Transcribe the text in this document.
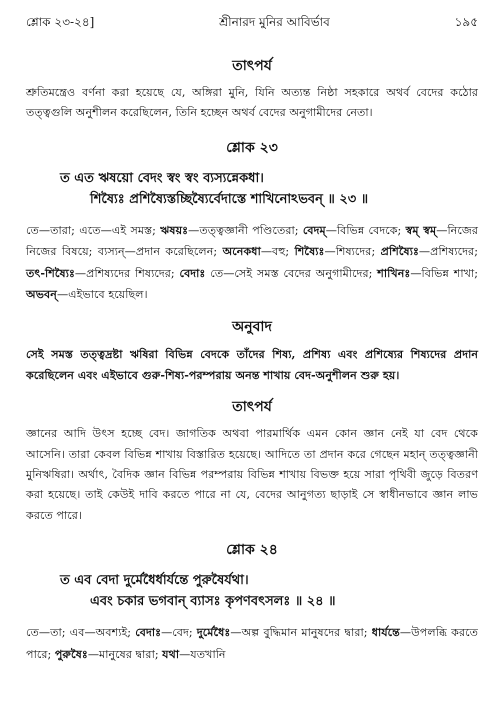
শ্লোক ২৩-২৪]	শ্রীনারদ মুনির আবির্ভাব	১৯৫

তাৎপর্য

শ্রুতিমন্ত্রেও বর্ণনা করা হয়েছে যে, অঙ্গিরা মুনি, যিনি অত্যন্ত নিষ্ঠা সহকারে অথর্ব বেদের কঠোর তত্ত্বগুলি অনুশীলন করেছিলেন, তিনি হচ্ছেন অথর্ব বেদের অনুগামীদের নেতা।

শ্লোক ২৩

ত এত ঋষয়ো বেদং স্বং স্বং ব্যস্যন্নেকধা।

শিষ্যৈঃ প্রশিষ্যৈস্তচ্ছিষ্যৈর্বেদাস্তে শাখিনোঽভবন্ ॥ ২৩ ॥

তে—তারা; এতে—এই সমস্ত; ঋষয়ঃ—তত্ত্বজ্ঞানী পণ্ডিতেরা; বেদম্—বিভিন্ন বেদকে; স্বম্ স্বম্—নিজের নিজের বিষয়ে; ব্যস্যন্—প্রদান করেছিলেন; অনেকধা—বহু; শিষ্যৈঃ—শিষ্যদের; প্রশিষ্যৈঃ—প্রশিষ্যদের; তৎ-শিষ্যৈঃ—প্রশিষ্যদের শিষ্যদের; বেদাঃ তে—সেই সমস্ত বেদের অনুগামীদের; শাখিনঃ—বিভিন্ন শাখা; অভবন্—এইভাবে হয়েছিল।

অনুবাদ

সেই সমস্ত তত্ত্বদ্রষ্টা ঋষিরা বিভিন্ন বেদকে তাঁদের শিষ্য, প্রশিষ্য এবং প্রশিষ্যের শিষ্যদের প্রদান করেছিলেন এবং এইভাবে গুরু-শিষ্য-পরম্পরায় অনন্ত শাখায় বেদ-অনুশীলন শুরু হয়।

তাৎপর্য

জ্ঞানের আদি উৎস হচ্ছে বেদ। জাগতিক অথবা পারমার্থিক এমন কোন জ্ঞান নেই যা বেদ থেকে আসেনি। তারা কেবল বিভিন্ন শাখায় বিস্তারিত হয়েছে। আদিতে তা প্রদান করে গেছেন মহান্ তত্ত্বজ্ঞানী মুনিঋষিরা। অর্থাৎ, বৈদিক জ্ঞান বিভিন্ন পরম্পরায় বিভিন্ন শাখায় বিভক্ত হয়ে সারা পৃথিবী জুড়ে বিতরণ করা হয়েছে। তাই কেউই দাবি করতে পারে না যে, বেদের আনুগত্য ছাড়াই সে স্বাধীনভাবে জ্ঞান লাভ করতে পারে।

শ্লোক ২৪

ত এব বেদা দুর্মেধৈর্ধার্যন্তে পুরুষৈর্যথা।

এবং চকার ভগবান্ ব্যাসঃ কৃপণবৎসলঃ ॥ ২৪ ॥

তে—তা; এব—অবশ্যই; বেদাঃ—বেদ; দুর্মেধৈঃ—অল্প বুদ্ধিমান মানুষদের দ্বারা; ধার্যন্তে—উপলব্ধি করতে পারে; পুরুষৈঃ—মানুষের দ্বারা; যথা—যতখানি
